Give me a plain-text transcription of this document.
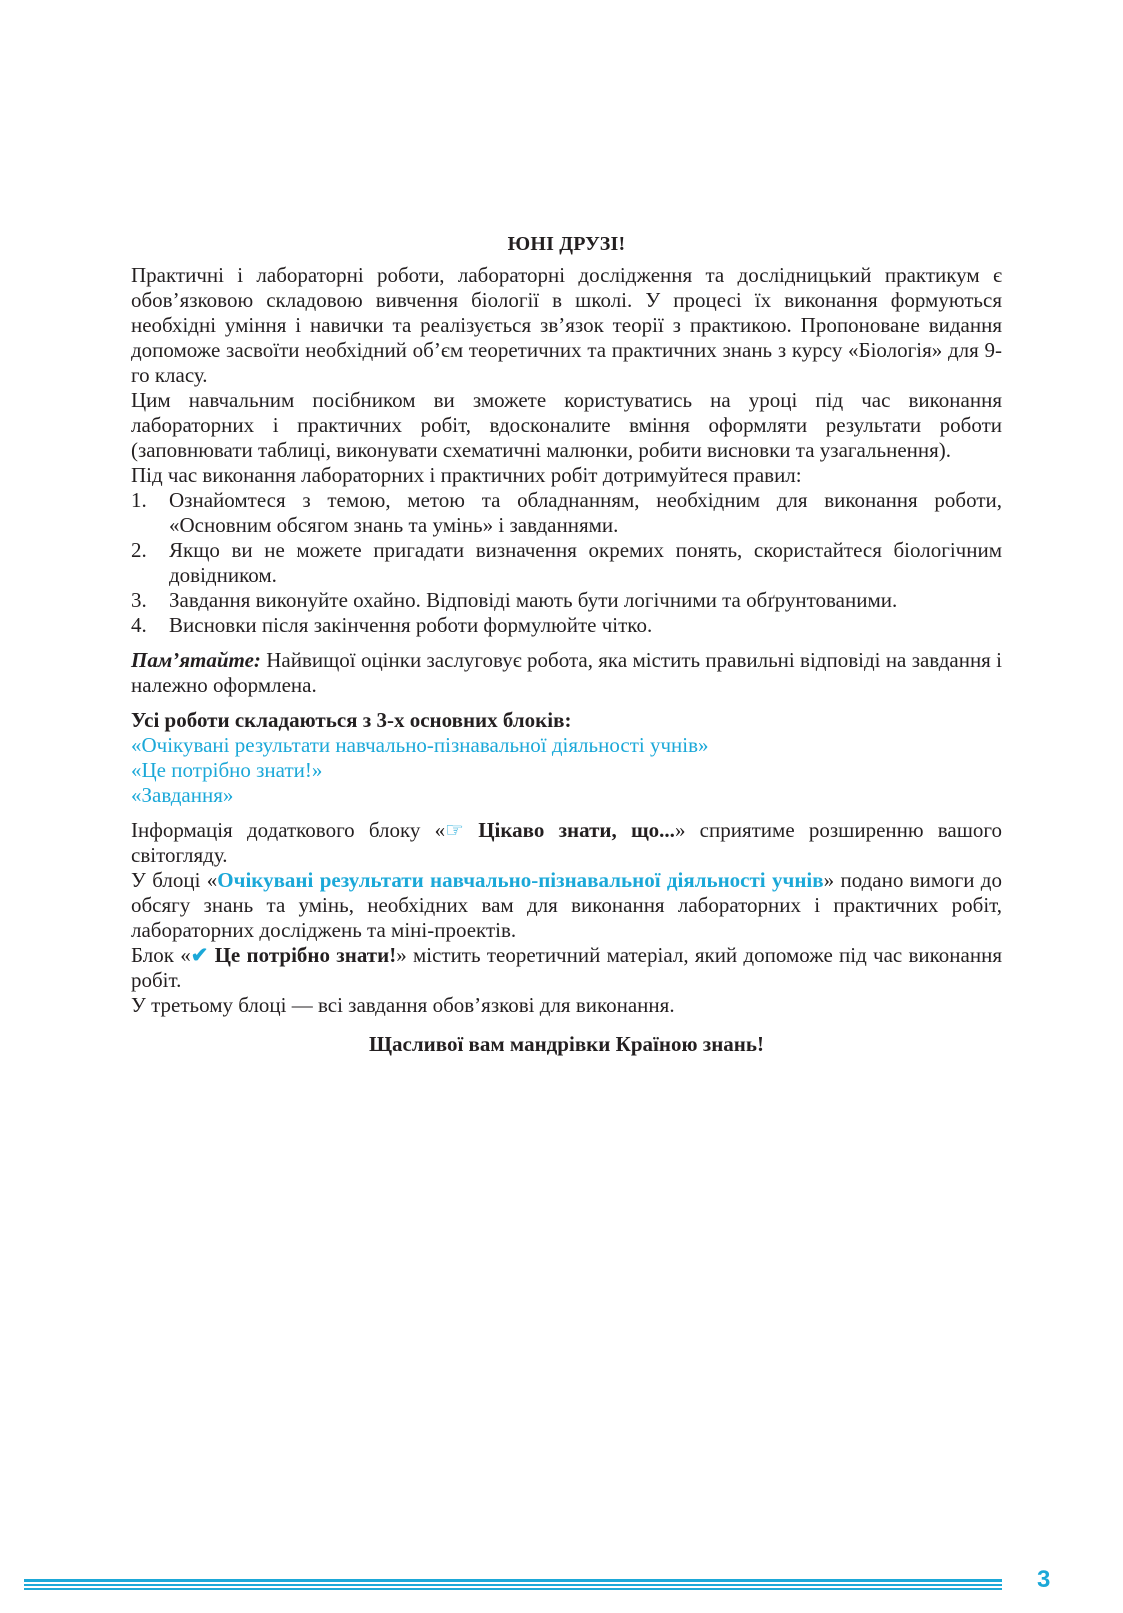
ЮНІ ДРУЗІ!

Практичні і лабораторні роботи, лабораторні дослідження та дослідницький практикум є обов’язковою складовою вивчення біології в школі. У процесі їх виконання формуються необхідні уміння і навички та реалізується зв’язок теорії з практикою. Пропоноване видання допоможе засвоїти необхідний об’єм теоретичних та практичних знань з курсу «Біологія» для 9-го класу.

Цим навчальним посібником ви зможете користуватись на уроці під час виконання лабораторних і практичних робіт, вдосконалите вміння оформляти результати роботи (заповнювати таблиці, виконувати схематичні малюнки, робити висновки та узагальнення).

Під час виконання лабораторних і практичних робіт дотримуйтеся правил:

1. Ознайомтеся з темою, метою та обладнанням, необхідним для виконання роботи, «Основним обсягом знань та умінь» і завданнями.
2. Якщо ви не можете пригадати визначення окремих понять, скористайтеся біологічним довідником.
3. Завдання виконуйте охайно. Відповіді мають бути логічними та обґрунтованими.
4. Висновки після закінчення роботи формулюйте чітко.

Пам’ятайте: Найвищої оцінки заслуговує робота, яка містить правильні відповіді на завдання і належно оформлена.

Усі роботи складаються з 3-х основних блоків:
«Очікувані результати навчально-пізнавальної діяльності учнів»
«Це потрібно знати!»
«Завдання»

Інформація додаткового блоку «☞ Цікаво знати, що...» сприятиме розширенню вашого світогляду.

У блоці «Очікувані результати навчально-пізнавальної діяльності учнів» подано вимоги до обсягу знань та умінь, необхідних вам для виконання лабораторних і практичних робіт, лабораторних досліджень та міні-проектів.

Блок «✔ Це потрібно знати!» містить теоретичний матеріал, який допоможе під час виконання робіт.

У третьому блоці — всі завдання обов’язкові для виконання.

Щасливої вам мандрівки Країною знань!
3
